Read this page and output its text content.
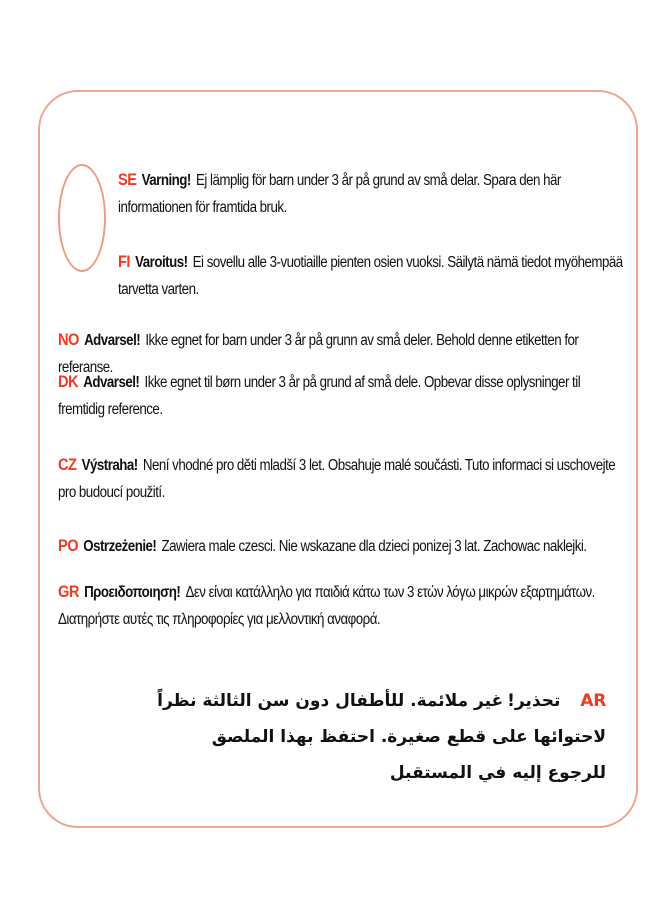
SE Varning! Ej lämplig för barn under 3 år på grund av små delar. Spara den här informationen för framtida bruk.

FI Varoitus! Ei sovellu alle 3-vuotiaille pienten osien vuoksi. Säilytä nämä tiedot myöhempää tarvetta varten.

NO Advarsel! Ikke egnet for barn under 3 år på grunn av små deler. Behold denne etiketten for referanse.

DK Advarsel! Ikke egnet til børn under 3 år på grund af små dele. Opbevar disse oplysninger til fremtidig reference.

CZ Výstraha! Není vhodné pro děti mladší 3 let. Obsahuje malé součásti. Tuto informaci si uschovejte pro budoucí použití.

PO Ostrzeżenie! Zawiera male czesci. Nie wskazane dla dzieci ponizej 3 lat. Zachowac naklejki.

GR Προειδοποιηση! Δεν είναι κατάλληλο για παιδιά κάτω των 3 ετών λόγω μικρών εξαρτημάτων. Διατηρήστε αυτές τις πληροφορίες για μελλοντική αναφορά.

ARتحذير!غير ملائمة. للأطفال دون سن الثالثة نظراً لاحتوائها على قطع صغيرة. احتفظ بهذا الملصق للرجوع إليه في المستقبل
